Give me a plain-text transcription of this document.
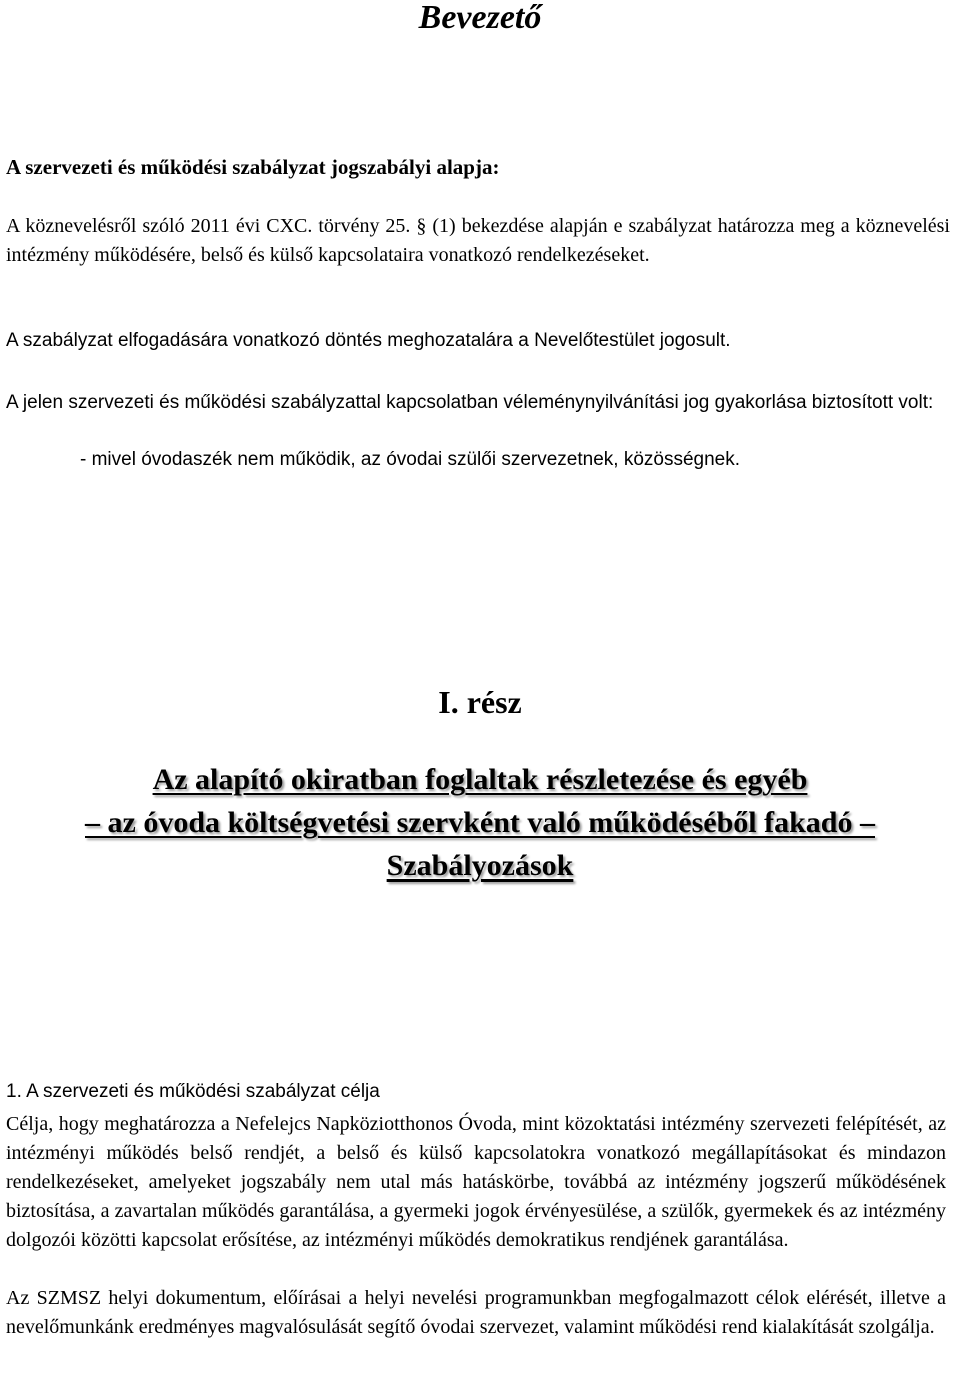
Bevezető
A szervezeti és működési szabályzat jogszabályi alapja:

A köznevelésről szóló 2011 évi CXC. törvény 25. § (1) bekezdése alapján e szabályzat határozza meg a köznevelési intézmény működésére, belső és külső kapcsolataira vonatkozó rendelkezéseket.

A szabályzat elfogadására vonatkozó döntés meghozatalára a Nevelőtestület jogosult.

A jelen szervezeti és működési szabályzattal kapcsolatban véleménynyilvánítási jog gyakorlása biztosított volt:

- mivel óvodaszék nem működik, az óvodai szülői szervezetnek, közösségnek.

I. rész
Az alapító okiratban foglaltak részletezése és egyéb
– az óvoda költségvetési szervként való működéséből fakadó –
Szabályozások
1. A szervezeti és működési szabályzat célja

Célja, hogy meghatározza a Nefelejcs Napköziotthonos Óvoda, mint közoktatási intézmény szervezeti felépítését, az intézményi működés belső rendjét, a belső és külső kapcsolatokra vonatkozó megállapításokat és mindazon rendelkezéseket, amelyeket jogszabály nem utal más hatáskörbe, továbbá az intézmény jogszerű működésének biztosítása, a zavartalan működés garantálása, a gyermeki jogok érvényesülése, a szülők, gyermekek és az intézmény dolgozói közötti kapcsolat erősítése, az intézményi működés demokratikus rendjének garantálása.

Az SZMSZ helyi dokumentum, előírásai a helyi nevelési programunkban megfogalmazott célok elérését, illetve a nevelőmunkánk eredményes magvalósulását segítő óvodai szervezet, valamint működési rend kialakítását szolgálja.
